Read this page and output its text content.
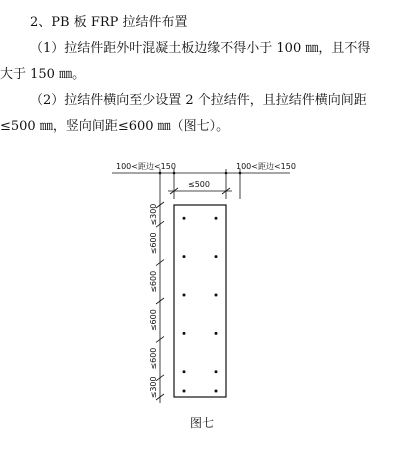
2、PB 板 FRP 拉结件布置
（1）拉结件距外叶混凝土板边缘不得小于 100 ㎜，且不得
大于 150 ㎜。
（2）拉结件横向至少设置 2 个拉结件，且拉结件横向间距
≤500 ㎜，竖向间距≤600 ㎜（图七）。
100<距边<150	100<距边<150
≤500
≤300
≤600
≤600
≤600
≤600
≤300
图七
